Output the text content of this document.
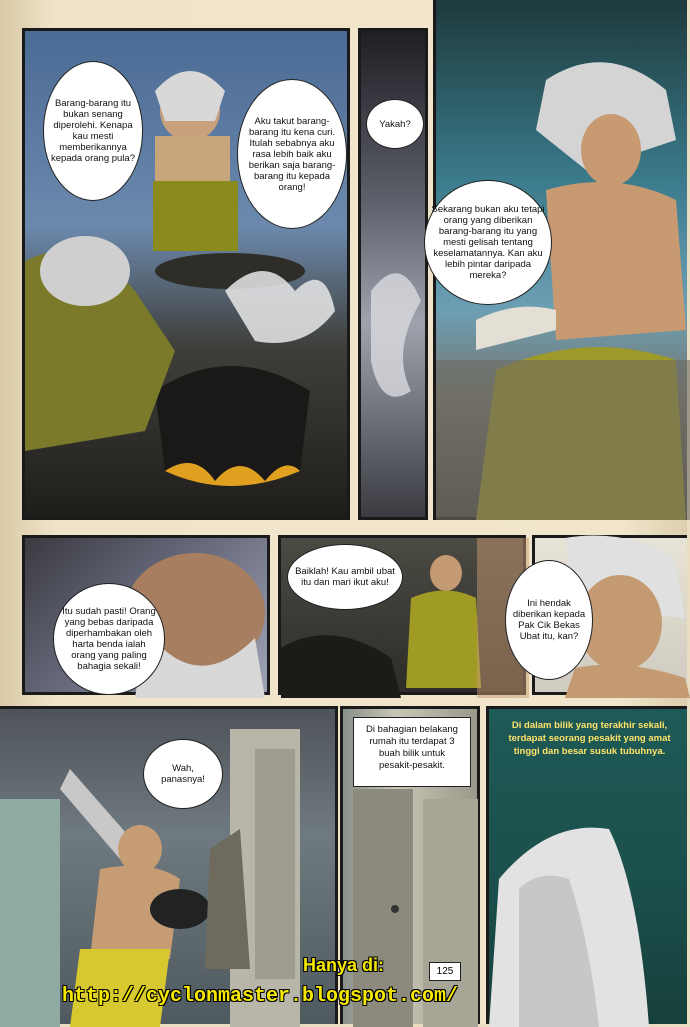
Barang-barang itu bukan senang diperolehi. Kenapa kau mesti memberikannya kepada orang pula?
Aku takut barang-barang itu kena curi. Itulah sebabnya aku rasa lebih baik aku berikan saja barang-barang itu kepada orang!
Yakah?
Sekarang bukan aku tetapi orang yang diberikan barang-barang itu yang mesti gelisah tentang keselamatannya. Kan aku lebih pintar daripada mereka?
Itu sudah pasti! Orang yang bebas daripada diperhambakan oleh harta benda ialah orang yang paling bahagia sekali!
Baiklah! Kau ambil ubat itu dan mari ikut aku!
Ini hendak diberikan kepada Pak Cik Bekas Ubat itu, kan?
Wah, panasnya!
Di bahagian belakang rumah itu terdapat 3 buah bilik untuk pesakit-pesakit.
125
Di dalam bilik yang terakhir sekali, terdapat seorang pesakit yang amat tinggi dan besar susuk tubuhnya.
Hanya di:
http://cyclonmaster.blogspot.com/
